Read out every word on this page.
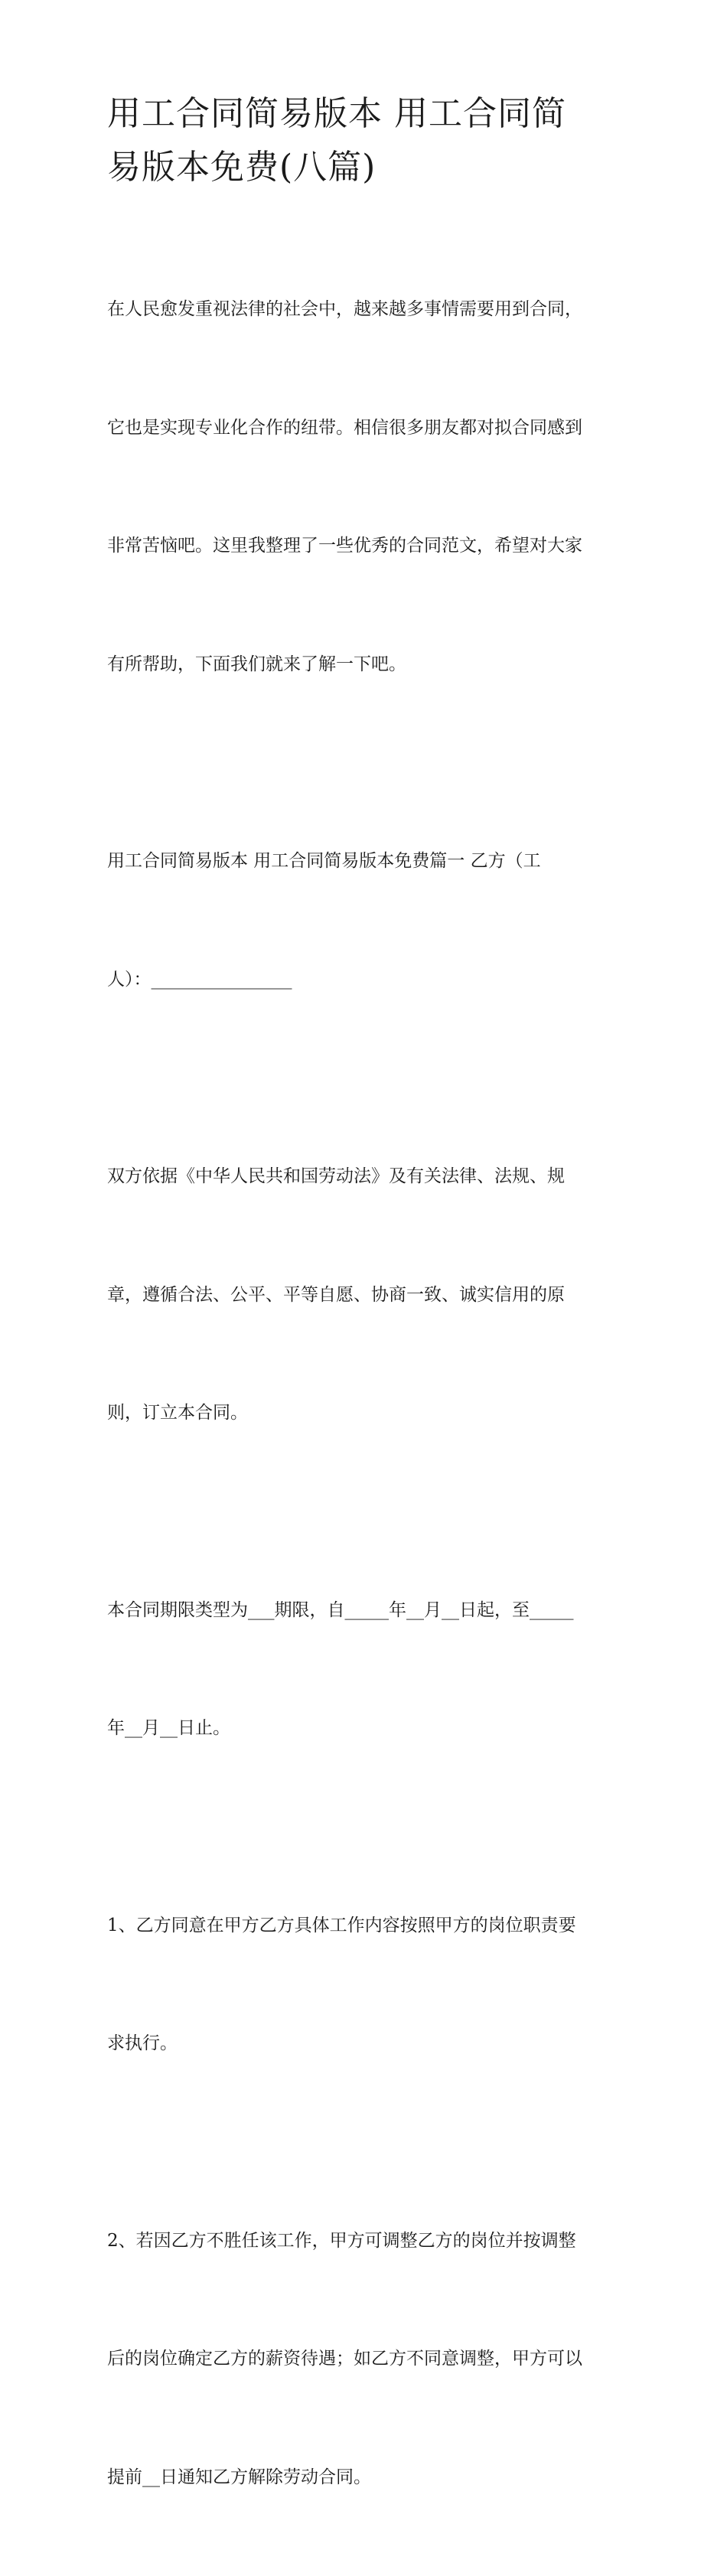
用工合同简易版本 用工合同简
易版本免费(八篇)

在人民愈发重视法律的社会中，越来越多事情需要用到合同，

它也是实现专业化合作的纽带。相信很多朋友都对拟合同感到

非常苦恼吧。这里我整理了一些优秀的合同范文，希望对大家

有所帮助，下面我们就来了解一下吧。

用工合同简易版本 用工合同简易版本免费篇一 乙方（工

人）：________________

双方依据《中华人民共和国劳动法》及有关法律、法规、规

章，遵循合法、公平、平等自愿、协商一致、诚实信用的原

则，订立本合同。

本合同期限类型为___期限，自_____年__月__日起，至_____

年__月__日止。

1、乙方同意在甲方乙方具体工作内容按照甲方的岗位职责要

求执行。

2、若因乙方不胜任该工作，甲方可调整乙方的岗位并按调整

后的岗位确定乙方的薪资待遇；如乙方不同意调整，甲方可以

提前__日通知乙方解除劳动合同。
